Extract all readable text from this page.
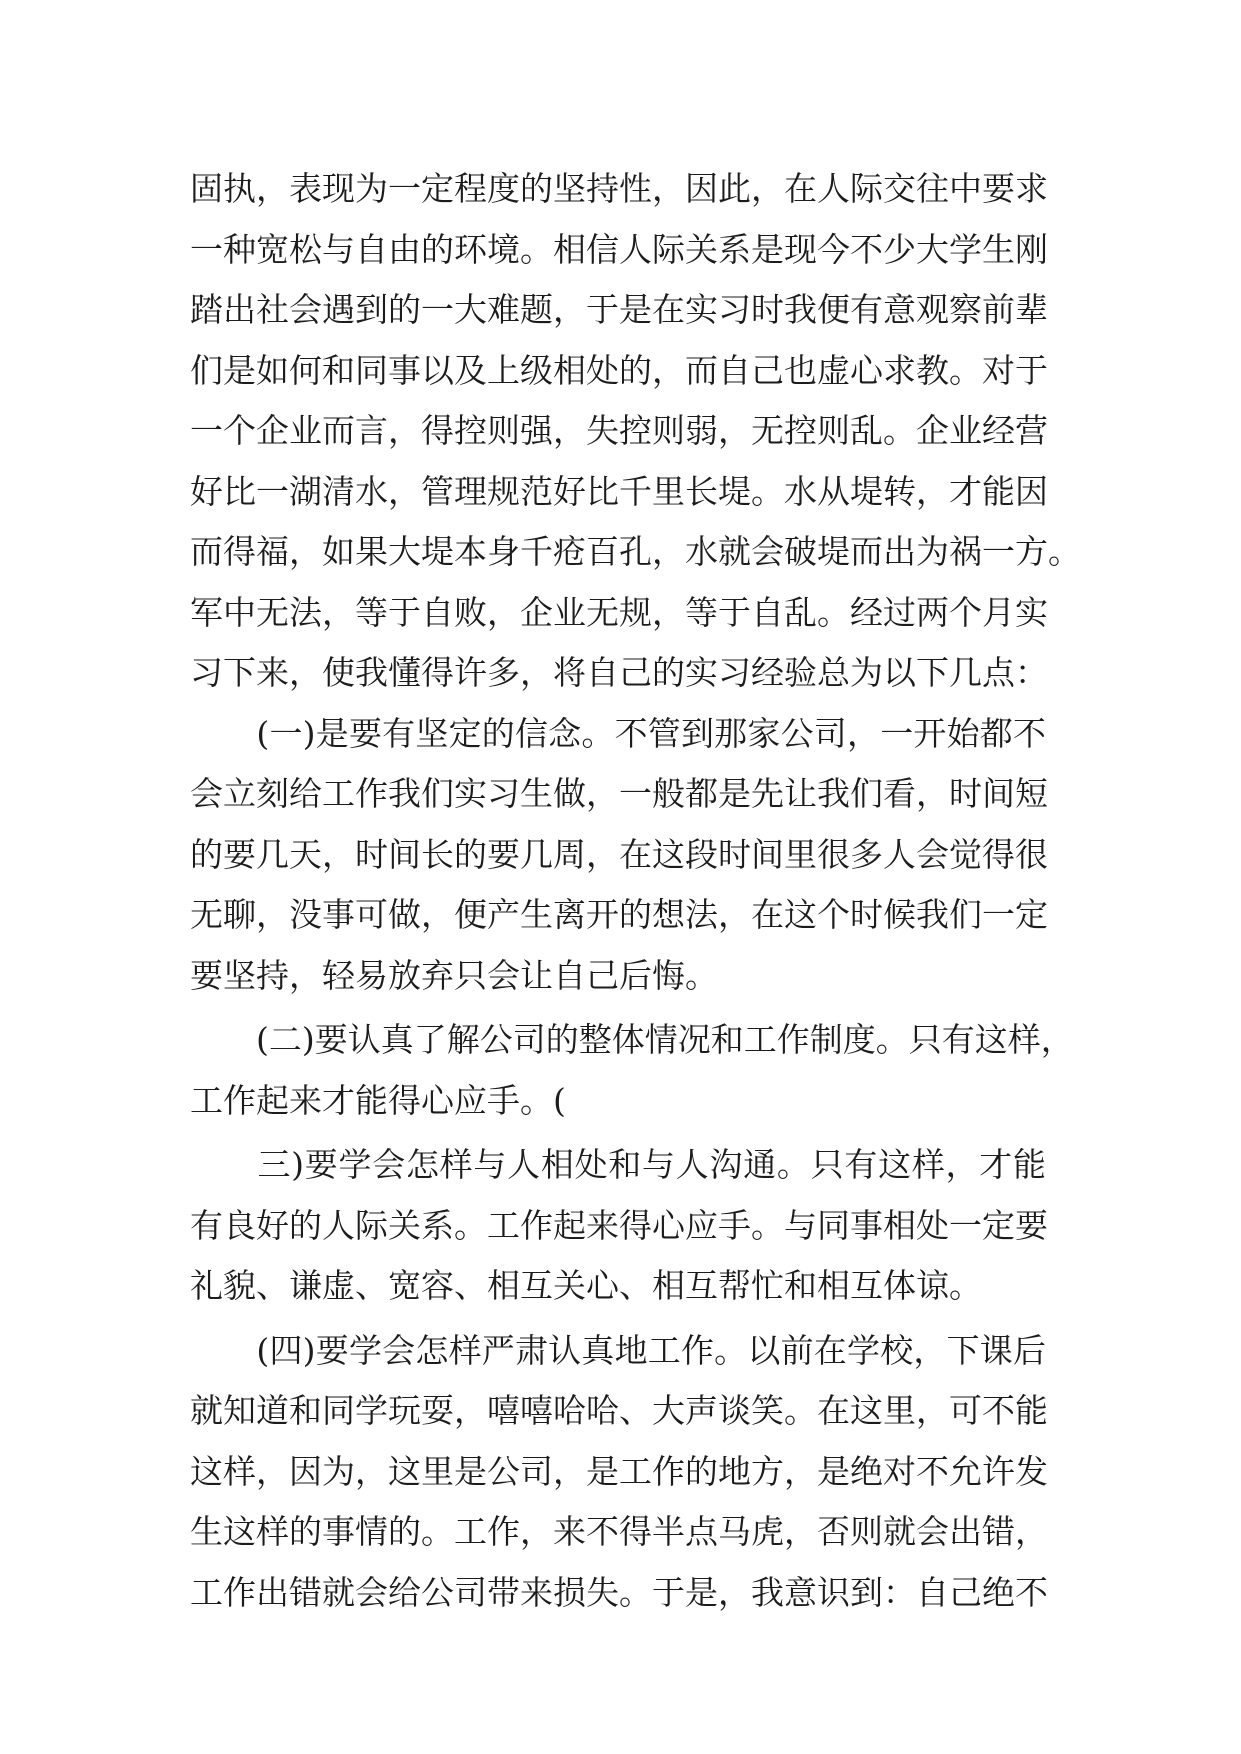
固执，表现为一定程度的坚持性，因此，在人际交往中要求
一种宽松与自由的环境。相信人际关系是现今不少大学生刚
踏出社会遇到的一大难题，于是在实习时我便有意观察前辈
们是如何和同事以及上级相处的，而自己也虚心求教。对于
一个企业而言，得控则强，失控则弱，无控则乱。企业经营
好比一湖清水，管理规范好比千里长堤。水从堤转，才能因
而得福，如果大堤本身千疮百孔，水就会破堤而出为祸一方。
军中无法，等于自败，企业无规，等于自乱。经过两个月实
习下来，使我懂得许多，将自己的实习经验总为以下几点：
　　(一)是要有坚定的信念。不管到那家公司，一开始都不
会立刻给工作我们实习生做，一般都是先让我们看，时间短
的要几天，时间长的要几周，在这段时间里很多人会觉得很
无聊，没事可做，便产生离开的想法，在这个时候我们一定
要坚持，轻易放弃只会让自己后悔。
　　(二)要认真了解公司的整体情况和工作制度。只有这样，
工作起来才能得心应手。(
　　三)要学会怎样与人相处和与人沟通。只有这样，才能
有良好的人际关系。工作起来得心应手。与同事相处一定要
礼貌、谦虚、宽容、相互关心、相互帮忙和相互体谅。
　　(四)要学会怎样严肃认真地工作。以前在学校，下课后
就知道和同学玩耍，嘻嘻哈哈、大声谈笑。在这里，可不能
这样，因为，这里是公司，是工作的地方，是绝对不允许发
生这样的事情的。工作，来不得半点马虎，否则就会出错，
工作出错就会给公司带来损失。于是，我意识到：自己绝不
